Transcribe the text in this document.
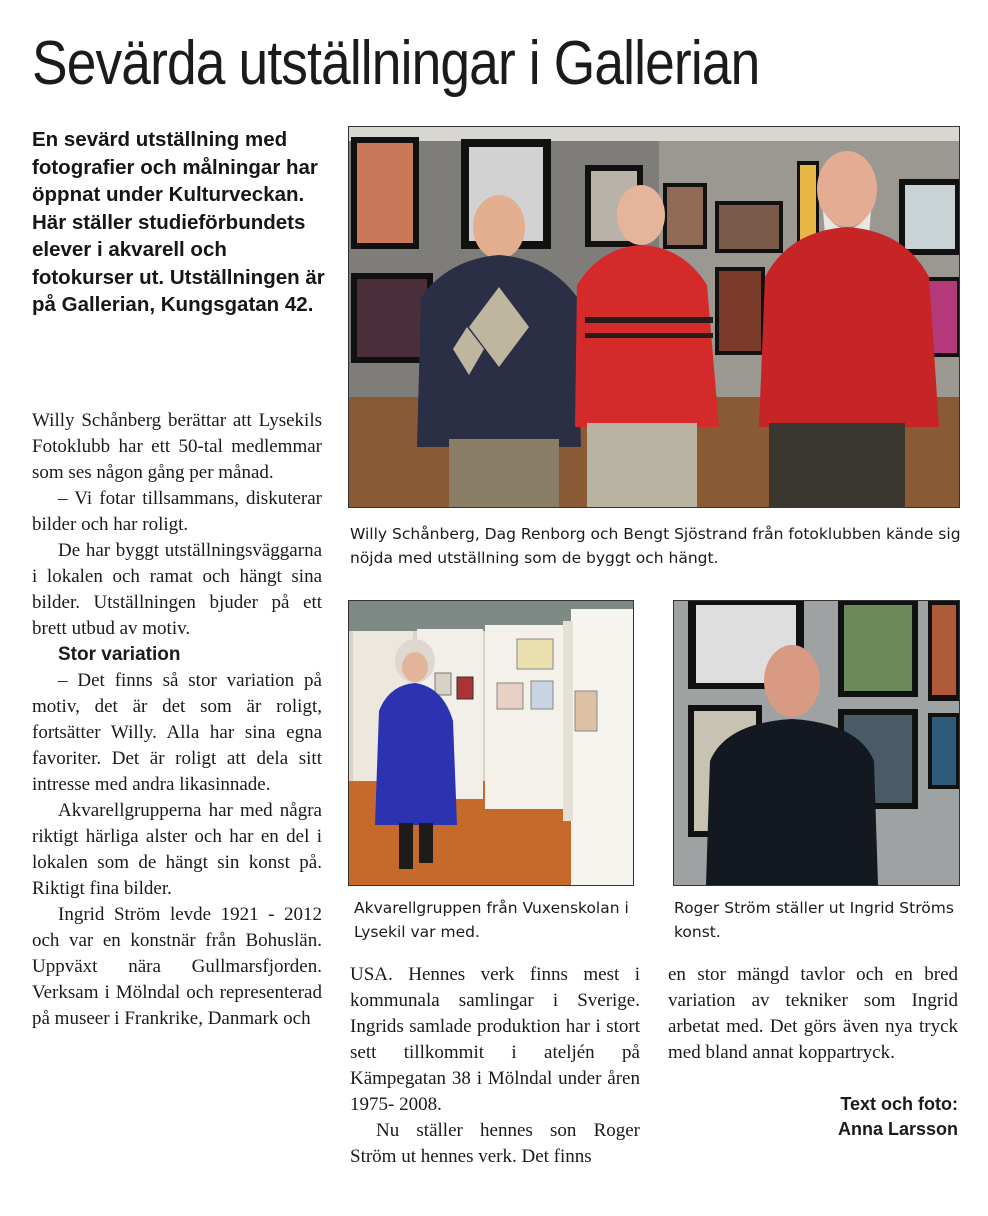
Sevärda utställningar i Gallerian

En sevärd utställning med fotografier och målningar har öppnat under Kulturveckan. Här ställer studieförbundets elever i akvarell och fotokurser ut. Utställningen är på Gallerian, Kungsgatan 42.

Willy Schånberg, Dag Renborg och Bengt Sjöstrand från fotoklubben kände sig nöjda med utställning som de byggt och hängt.
Akvarellgruppen från Vuxenskolan i Lysekil var med.
Roger Ström ställer ut Ingrid Ströms konst.

Willy Schånberg berättar att Lysekils Fotoklubb har ett 50-tal medlemmar som ses någon gång per månad.

– Vi fotar tillsammans, diskuterar bilder och har roligt.

De har byggt utställningsväggarna i lokalen och ramat och hängt sina bilder. Utställningen bjuder på ett brett utbud av motiv.

Stor variation

– Det finns så stor variation på motiv, det är det som är roligt, fortsätter Willy. Alla har sina egna favoriter. Det är roligt att dela sitt intresse med andra likasinnade.

Akvarellgrupperna har med några riktigt härliga alster och har en del i lokalen som de hängt sin konst på. Riktigt fina bilder.

Ingrid Ström levde 1921 - 2012 och var en konstnär från Bohuslän. Uppväxt nära Gullmarsfjorden. Verksam i Mölndal och representerad på museer i Frankrike, Danmark och

USA. Hennes verk finns mest i kommunala samlingar i Sverige. Ingrids samlade produktion har i stort sett tillkommit i ateljén på Kämpegatan 38 i Mölndal under åren 1975- 2008.

Nu ställer hennes son Roger Ström ut hennes verk. Det finns

en stor mängd tavlor och en bred variation av tekniker som Ingrid arbetat med. Det görs även nya tryck med bland annat koppartryck.

Text och foto:
Anna Larsson
